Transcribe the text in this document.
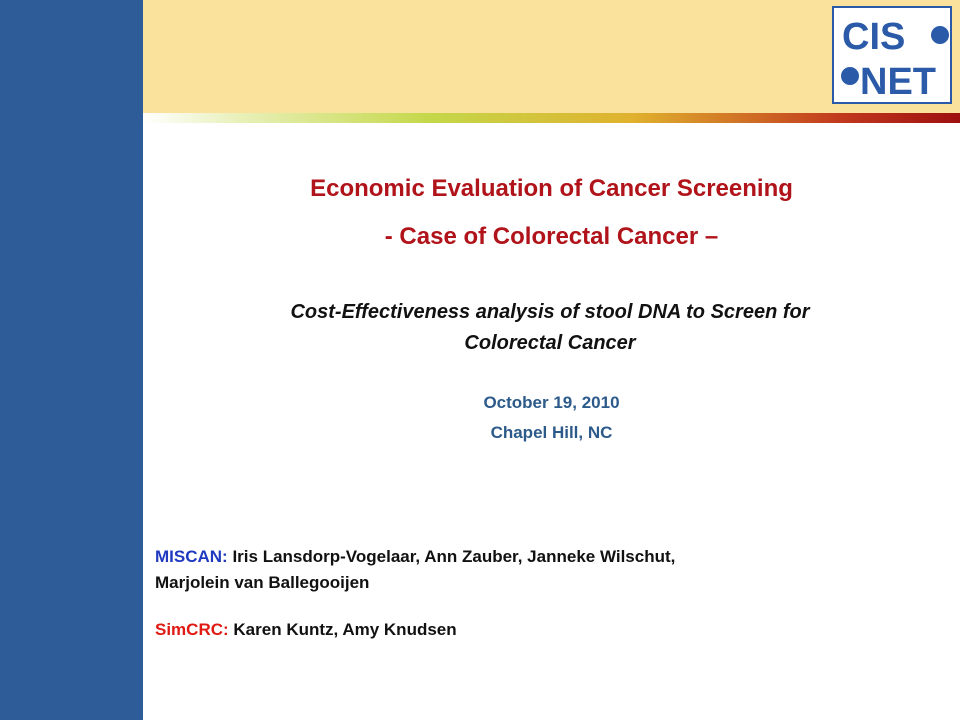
CIS
NET
Economic Evaluation of Cancer Screening
- Case of Colorectal Cancer –
Cost-Effectiveness analysis of stool DNA to Screen for
Colorectal Cancer
October 19, 2010
Chapel Hill, NC
MISCAN: Iris Lansdorp-Vogelaar, Ann Zauber, Janneke Wilschut,
Marjolein van Ballegooijen
SimCRC: Karen Kuntz, Amy Knudsen
